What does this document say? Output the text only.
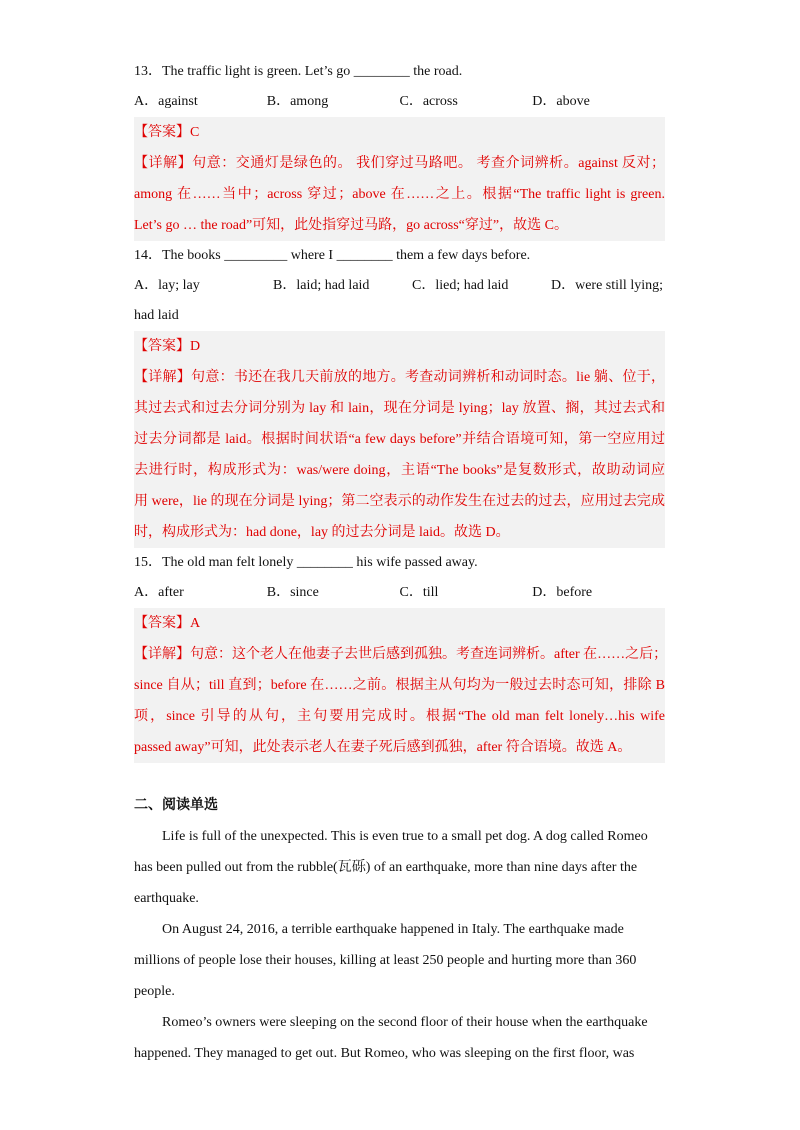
13．The traffic light is green. Let’s go ________ the road.
A．against	B．among	C．across	D．above
【答案】C
【详解】句意：交通灯是绿色的。 我们穿过马路吧。 考查介词辨析。against 反对；
among 在……当中；across 穿过；above 在……之上。根据“The traffic light is green.
Let’s go … the road”可知，此处指穿过马路，go across“穿过”，故选 C。
14．The books _________ where I ________ them a few days before.
A．lay; lay	B．laid; had laid	C．lied; had laid	D．were still lying;
had laid
【答案】D
【详解】句意：书还在我几天前放的地方。考查动词辨析和动词时态。lie 躺、位于，
其过去式和过去分词分别为 lay 和 lain，现在分词是 lying；lay 放置、搁，其过去式和
过去分词都是 laid。根据时间状语“a few days before”并结合语境可知，第一空应用过
去进行时，构成形式为：was/were doing，主语“The books”是复数形式，故助动词应
用 were，lie 的现在分词是 lying；第二空表示的动作发生在过去的过去，应用过去完成
时，构成形式为：had done，lay 的过去分词是 laid。故选 D。
15．The old man felt lonely ________ his wife passed away.
A．after	B．since	C．till	D．before
【答案】A
【详解】句意：这个老人在他妻子去世后感到孤独。考查连词辨析。after 在……之后；
since 自从；till 直到；before 在……之前。根据主从句均为一般过去时态可知，排除 B
项，since 引导的从句，主句要用完成时。根据“The old man felt lonely…his wife
passed away”可知，此处表示老人在妻子死后感到孤独，after 符合语境。故选 A。
二、阅读单选
Life is full of the unexpected. This is even true to a small pet dog. A dog called Romeo
has been pulled out from the rubble(瓦砾) of an earthquake, more than nine days after the
earthquake.
On August 24, 2016, a terrible earthquake happened in Italy. The earthquake made
millions of people lose their houses, killing at least 250 people and hurting more than 360
people.
Romeo’s owners were sleeping on the second floor of their house when the earthquake
happened. They managed to get out. But Romeo, who was sleeping on the first floor, was
